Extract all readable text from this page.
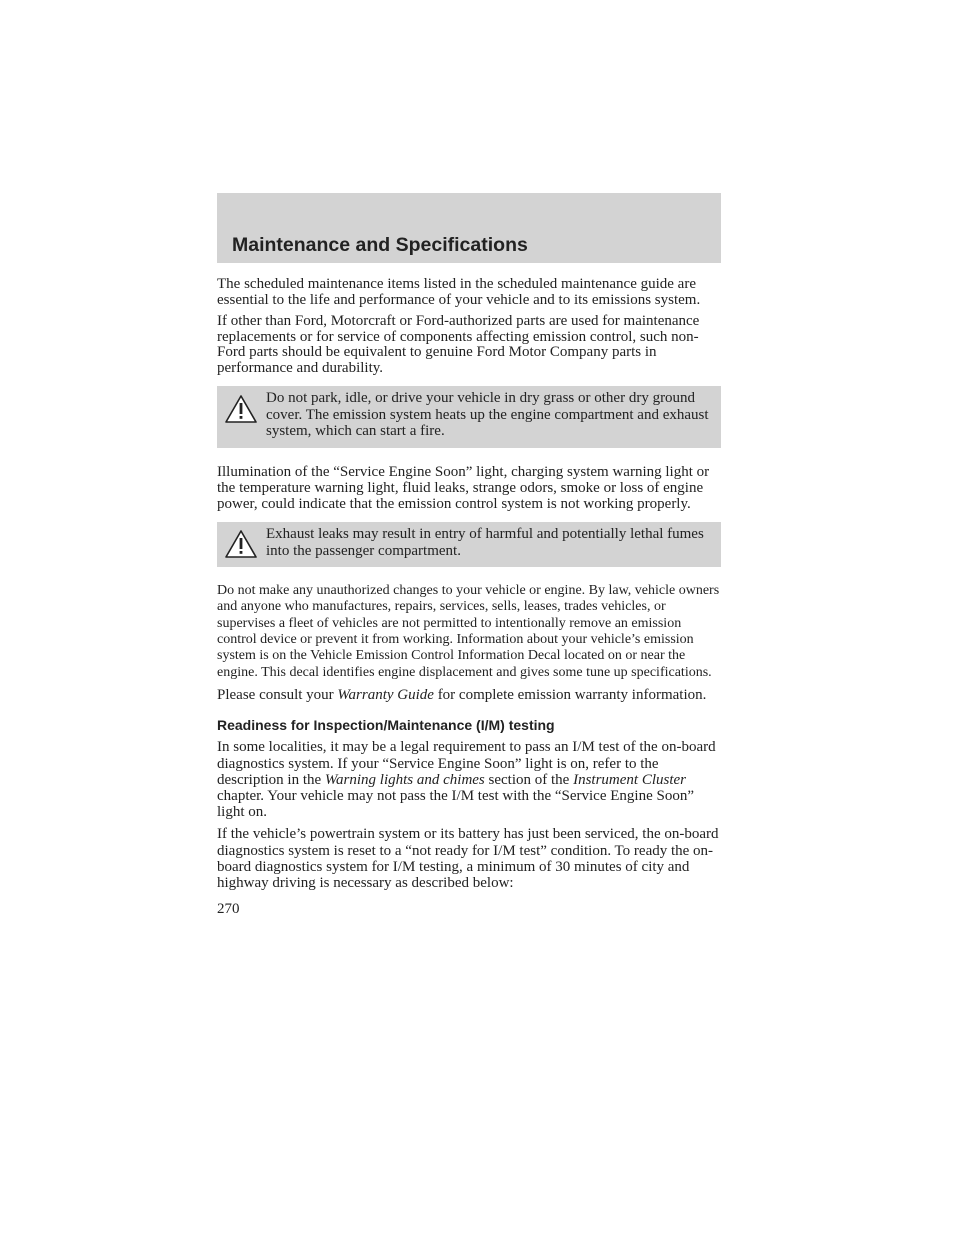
Maintenance and Specifications

The scheduled maintenance items listed in the scheduled maintenance guide are essential to the life and performance of your vehicle and to its emissions system.

If other than Ford, Motorcraft or Ford-authorized parts are used for maintenance replacements or for service of components affecting emission control, such non-Ford parts should be equivalent to genuine Ford Motor Company parts in performance and durability.

Do not park, idle, or drive your vehicle in dry grass or other dry ground cover. The emission system heats up the engine compartment and exhaust system, which can start a fire.

Illumination of the “Service Engine Soon” light, charging system warning light or the temperature warning light, fluid leaks, strange odors, smoke or loss of engine power, could indicate that the emission control system is not working properly.

Exhaust leaks may result in entry of harmful and potentially lethal fumes into the passenger compartment.

Do not make any unauthorized changes to your vehicle or engine. By law, vehicle owners and anyone who manufactures, repairs, services, sells, leases, trades vehicles, or supervises a fleet of vehicles are not permitted to intentionally remove an emission control device or prevent it from working. Information about your vehicle’s emission system is on the Vehicle Emission Control Information Decal located on or near the engine. This decal identifies engine displacement and gives some tune up specifications.

Please consult your Warranty Guide for complete emission warranty information.

Readiness for Inspection/Maintenance (I/M) testing

In some localities, it may be a legal requirement to pass an I/M test of the on-board diagnostics system. If your “Service Engine Soon” light is on, refer to the description in the Warning lights and chimes section of the Instrument Cluster chapter. Your vehicle may not pass the I/M test with the “Service Engine Soon” light on.

If the vehicle’s powertrain system or its battery has just been serviced, the on-board diagnostics system is reset to a “not ready for I/M test” condition. To ready the on-board diagnostics system for I/M testing, a minimum of 30 minutes of city and highway driving is necessary as described below:

270
